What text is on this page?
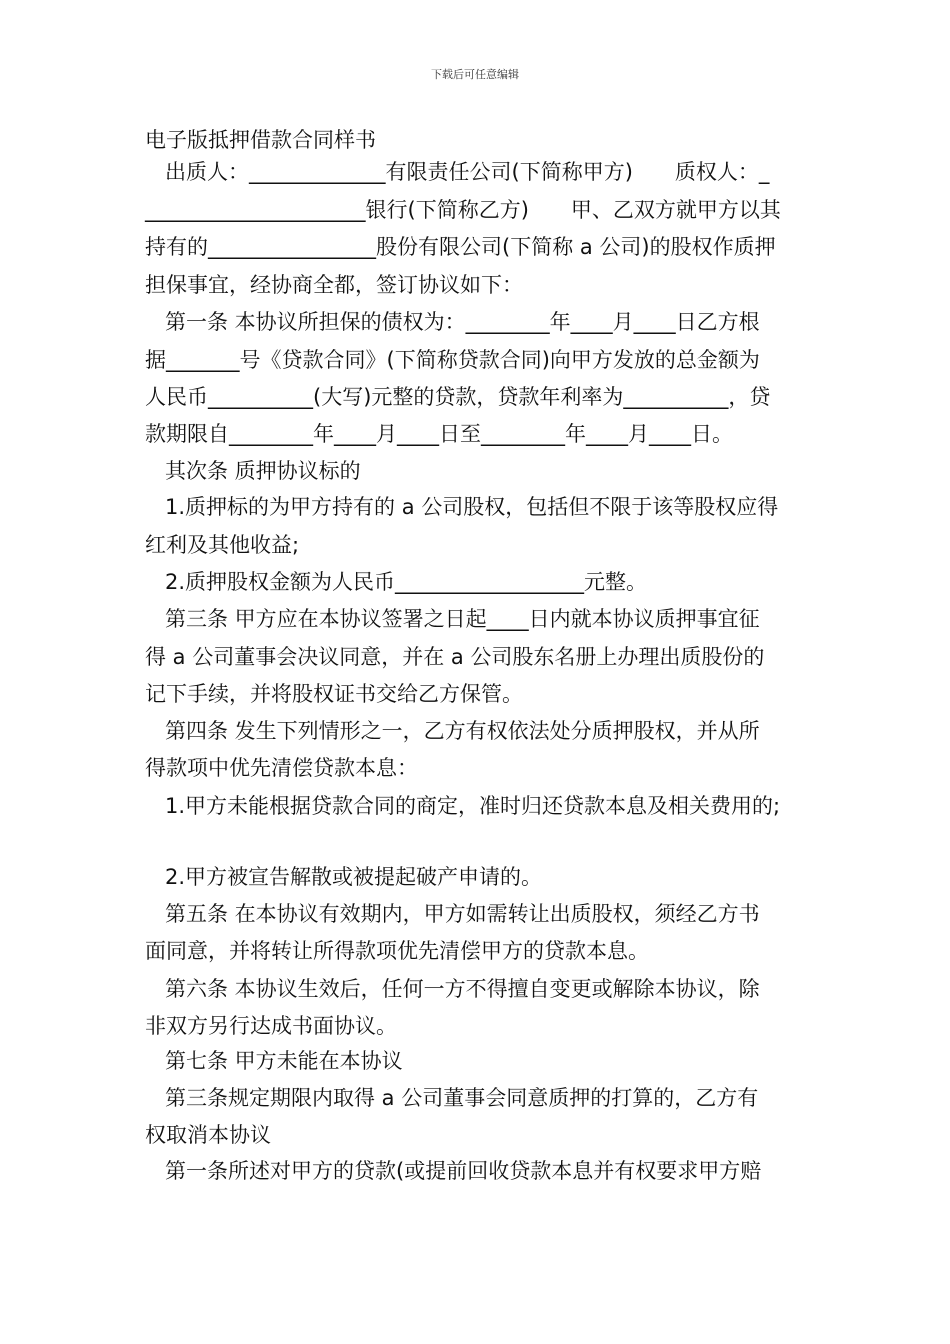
下载后可任意编辑
电子版抵押借款合同样书
出质人：_____________有限责任公司(下简称甲方)　　质权人：_
_____________________银行(下简称乙方)　　甲、乙双方就甲方以其
持有的________________股份有限公司(下简称 a 公司)的股权作质押
担保事宜，经协商全都，签订协议如下：
第一条 本协议所担保的债权为：________年____月____日乙方根
据_______号《贷款合同》(下简称贷款合同)向甲方发放的总金额为
人民币__________(大写)元整的贷款，贷款年利率为__________，贷
款期限自________年____月____日至________年____月____日。
其次条 质押协议标的
1.质押标的为甲方持有的 a 公司股权，包括但不限于该等股权应得
红利及其他收益;
2.质押股权金额为人民币__________________元整。
第三条 甲方应在本协议签署之日起____日内就本协议质押事宜征
得 a 公司董事会决议同意，并在 a 公司股东名册上办理出质股份的
记下手续，并将股权证书交给乙方保管。
第四条 发生下列情形之一，乙方有权依法处分质押股权，并从所
得款项中优先清偿贷款本息：
1.甲方未能根据贷款合同的商定，准时归还贷款本息及相关费用的;
2.甲方被宣告解散或被提起破产申请的。
第五条 在本协议有效期内，甲方如需转让出质股权，须经乙方书
面同意，并将转让所得款项优先清偿甲方的贷款本息。
第六条 本协议生效后，任何一方不得擅自变更或解除本协议，除
非双方另行达成书面协议。
第七条 甲方未能在本协议
第三条规定期限内取得 a 公司董事会同意质押的打算的，乙方有
权取消本协议
第一条所述对甲方的贷款(或提前回收贷款本息并有权要求甲方赔
